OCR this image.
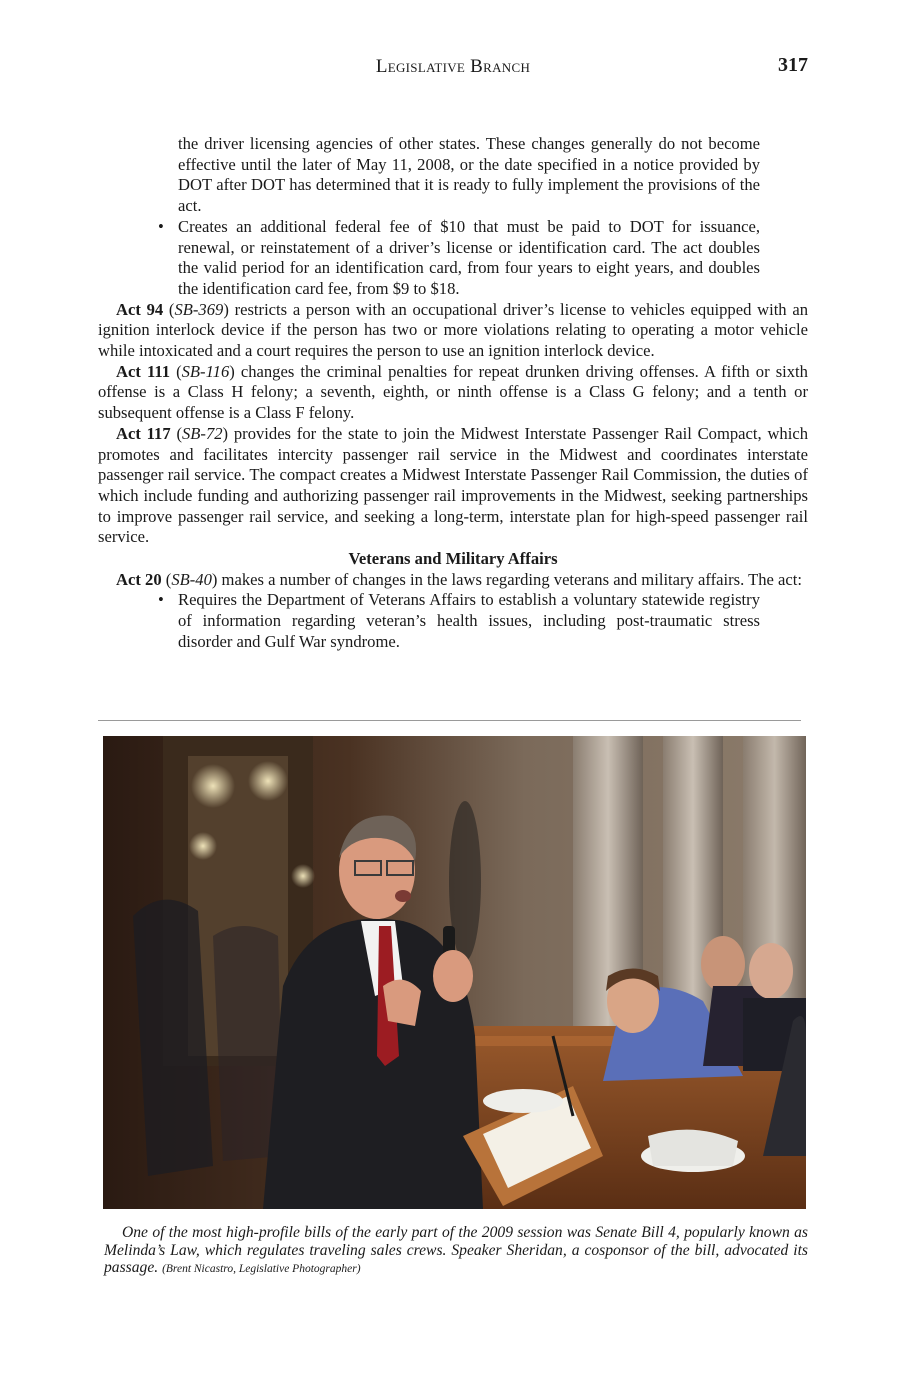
Legislative Branch	317

the driver licensing agencies of other states. These changes generally do not become effective until the later of May 11, 2008, or the date specified in a notice provided by DOT after DOT has determined that it is ready to fully implement the provisions of the act.

• Creates an additional federal fee of $10 that must be paid to DOT for issuance, renewal, or reinstatement of a driver’s license or identification card. The act doubles the valid period for an identification card, from four years to eight years, and doubles the identification card fee, from $9 to $18.

Act 94 (SB-369) restricts a person with an occupational driver’s license to vehicles equipped with an ignition interlock device if the person has two or more violations relating to operating a motor vehicle while intoxicated and a court requires the person to use an ignition interlock device.

Act 111 (SB-116) changes the criminal penalties for repeat drunken driving offenses. A fifth or sixth offense is a Class H felony; a seventh, eighth, or ninth offense is a Class G felony; and a tenth or subsequent offense is a Class F felony.

Act 117 (SB-72) provides for the state to join the Midwest Interstate Passenger Rail Compact, which promotes and facilitates intercity passenger rail service in the Midwest and coordinates interstate passenger rail service. The compact creates a Midwest Interstate Passenger Rail Commission, the duties of which include funding and authorizing passenger rail improvements in the Midwest, seeking partnerships to improve passenger rail service, and seeking a long-term, interstate plan for high-speed passenger rail service.

Veterans and Military Affairs

Act 20 (SB-40) makes a number of changes in the laws regarding veterans and military affairs. The act:

• Requires the Department of Veterans Affairs to establish a voluntary statewide registry of information regarding veteran’s health issues, including post-traumatic stress disorder and Gulf War syndrome.

One of the most high-profile bills of the early part of the 2009 session was Senate Bill 4, popularly known as Melinda’s Law, which regulates traveling sales crews. Speaker Sheridan, a cosponsor of the bill, advocated its passage. (Brent Nicastro, Legislative Photographer)
